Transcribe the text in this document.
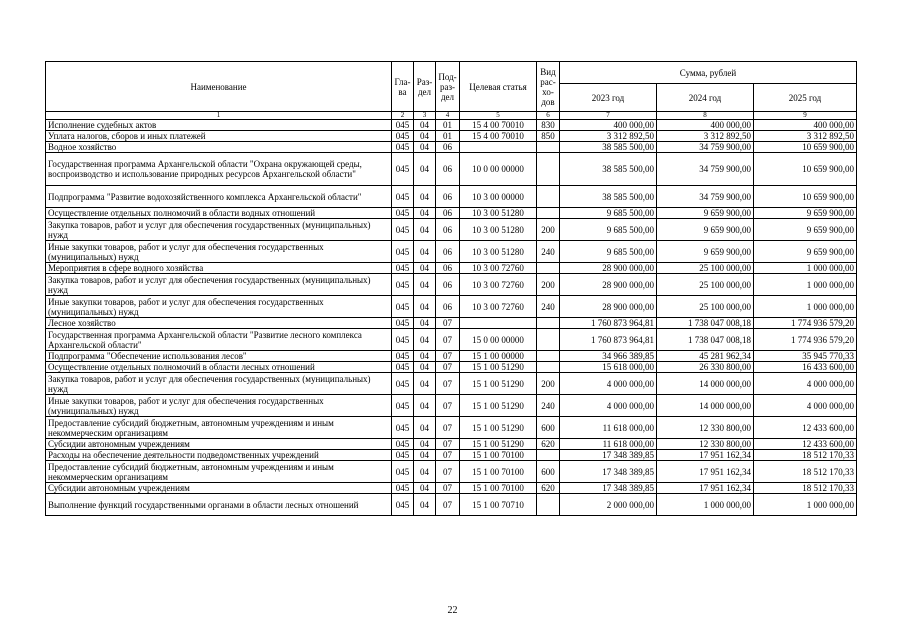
Наименование	Гла-ва	Раз-дел	Под-раз-дел	Целевая статья	Вид рас-хо-дов	Сумма, рублей		
						2023 год	2024 год	2025 год
1	2	3	4	5	6	7	8	9
Исполнение судебных актов	045	04	01	15 4 00 70010	830	400 000,00	400 000,00	400 000,00
Уплата налогов, сборов и иных платежей	045	04	01	15 4 00 70010	850	3 312 892,50	3 312 892,50	3 312 892,50
Водное хозяйство	045	04	06			38 585 500,00	34 759 900,00	10 659 900,00
Государственная программа Архангельской области "Охрана окружающей среды, воспроизводство и использование природных ресурсов Архангельской области"	045	04	06	10 0 00 00000		38 585 500,00	34 759 900,00	10 659 900,00
Подпрограмма "Развитие водохозяйственного комплекса Архангельской области"	045	04	06	10 3 00 00000		38 585 500,00	34 759 900,00	10 659 900,00
Осуществление отдельных полномочий в области водных отношений	045	04	06	10 3 00 51280		9 685 500,00	9 659 900,00	9 659 900,00
Закупка товаров, работ и услуг для обеспечения государственных (муниципальных) нужд	045	04	06	10 3 00 51280	200	9 685 500,00	9 659 900,00	9 659 900,00
Иные закупки товаров, работ и услуг для обеспечения государственных (муниципальных) нужд	045	04	06	10 3 00 51280	240	9 685 500,00	9 659 900,00	9 659 900,00
Мероприятия в сфере водного хозяйства	045	04	06	10 3 00 72760		28 900 000,00	25 100 000,00	1 000 000,00
Закупка товаров, работ и услуг для обеспечения государственных (муниципальных) нужд	045	04	06	10 3 00 72760	200	28 900 000,00	25 100 000,00	1 000 000,00
Иные закупки товаров, работ и услуг для обеспечения государственных (муниципальных) нужд	045	04	06	10 3 00 72760	240	28 900 000,00	25 100 000,00	1 000 000,00
Лесное хозяйство	045	04	07			1 760 873 964,81	1 738 047 008,18	1 774 936 579,20
Государственная программа Архангельской области "Развитие лесного комплекса Архангельской области"	045	04	07	15 0 00 00000		1 760 873 964,81	1 738 047 008,18	1 774 936 579,20
Подпрограмма "Обеспечение использования лесов"	045	04	07	15 1 00 00000		34 966 389,85	45 281 962,34	35 945 770,33
Осуществление отдельных полномочий в области лесных отношений	045	04	07	15 1 00 51290		15 618 000,00	26 330 800,00	16 433 600,00
Закупка товаров, работ и услуг для обеспечения государственных (муниципальных) нужд	045	04	07	15 1 00 51290	200	4 000 000,00	14 000 000,00	4 000 000,00
Иные закупки товаров, работ и услуг для обеспечения государственных (муниципальных) нужд	045	04	07	15 1 00 51290	240	4 000 000,00	14 000 000,00	4 000 000,00
Предоставление субсидий бюджетным, автономным учреждениям и иным некоммерческим организациям	045	04	07	15 1 00 51290	600	11 618 000,00	12 330 800,00	12 433 600,00
Субсидии автономным учреждениям	045	04	07	15 1 00 51290	620	11 618 000,00	12 330 800,00	12 433 600,00
Расходы на обеспечение деятельности подведомственных учреждений	045	04	07	15 1 00 70100		17 348 389,85	17 951 162,34	18 512 170,33
Предоставление субсидий бюджетным, автономным учреждениям и иным некоммерческим организациям	045	04	07	15 1 00 70100	600	17 348 389,85	17 951 162,34	18 512 170,33
Субсидии автономным учреждениям	045	04	07	15 1 00 70100	620	17 348 389,85	17 951 162,34	18 512 170,33
Выполнение функций государственными органами в области лесных отношений	045	04	07	15 1 00 70710		2 000 000,00	1 000 000,00	1 000 000,00
22
